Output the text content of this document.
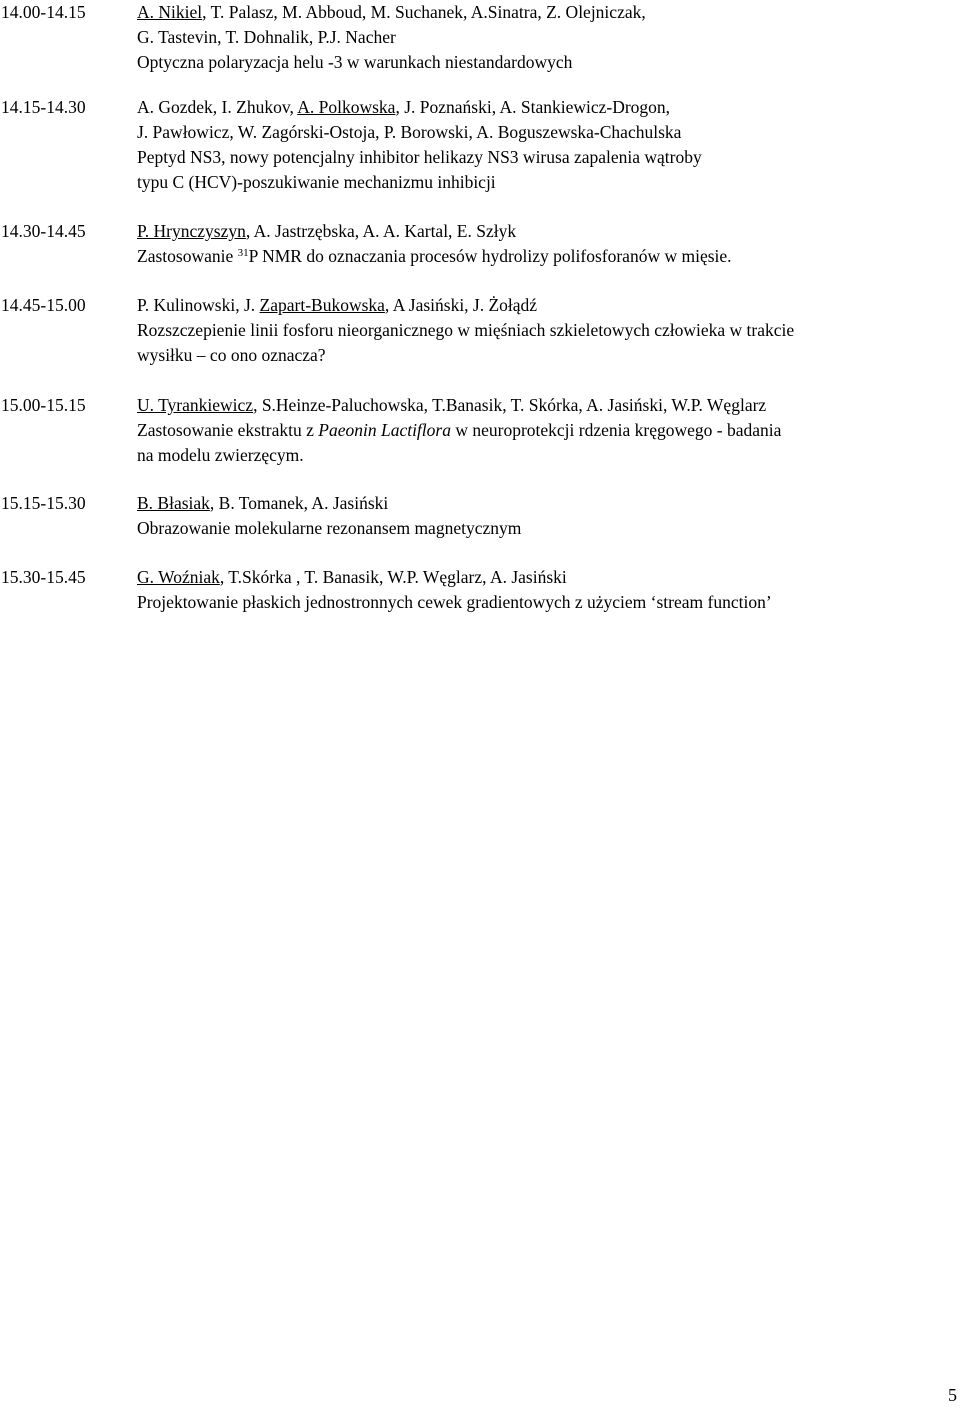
14.00-14.15	A. Nikiel, T. Palasz, M. Abboud, M. Suchanek, A.Sinatra, Z. Olejniczak,
G. Tastevin, T. Dohnalik, P.J. Nacher
Optyczna polaryzacja helu -3 w warunkach niestandardowych
14.15-14.30	A. Gozdek, I. Zhukov, A. Polkowska, J. Poznański, A. Stankiewicz-Drogon,
J. Pawłowicz, W. Zagórski-Ostoja, P. Borowski, A. Boguszewska-Chachulska
Peptyd NS3, nowy potencjalny inhibitor helikazy NS3 wirusa zapalenia wątroby
typu C (HCV)-poszukiwanie mechanizmu inhibicji
14.30-14.45	P. Hrynczyszyn, A. Jastrzębska, A. A. Kartal, E. Szłyk
Zastosowanie $^{31}$P NMR do oznaczania procesów hydrolizy polifosforanów w mięsie.
14.45-15.00	P. Kulinowski, J. Zapart-Bukowska, A Jasiński, J. Żołądź
Rozszczepienie linii fosforu nieorganicznego w mięśniach szkieletowych człowieka w trakcie
wysiłku – co ono oznacza?
15.00-15.15	U. Tyrankiewicz, S.Heinze-Paluchowska, T.Banasik, T. Skórka, A. Jasiński, W.P. Węglarz
Zastosowanie ekstraktu z Paeonin Lactiflora w neuroprotekcji rdzenia kręgowego - badania
na modelu zwierzęcym.
15.15-15.30	B. Błasiak, B. Tomanek, A. Jasiński
Obrazowanie molekularne rezonansem magnetycznym
15.30-15.45	G. Woźniak, T.Skórka , T. Banasik, W.P. Węglarz, A. Jasiński
Projektowanie płaskich jednostronnych cewek gradientowych z użyciem ‘stream function’
5
